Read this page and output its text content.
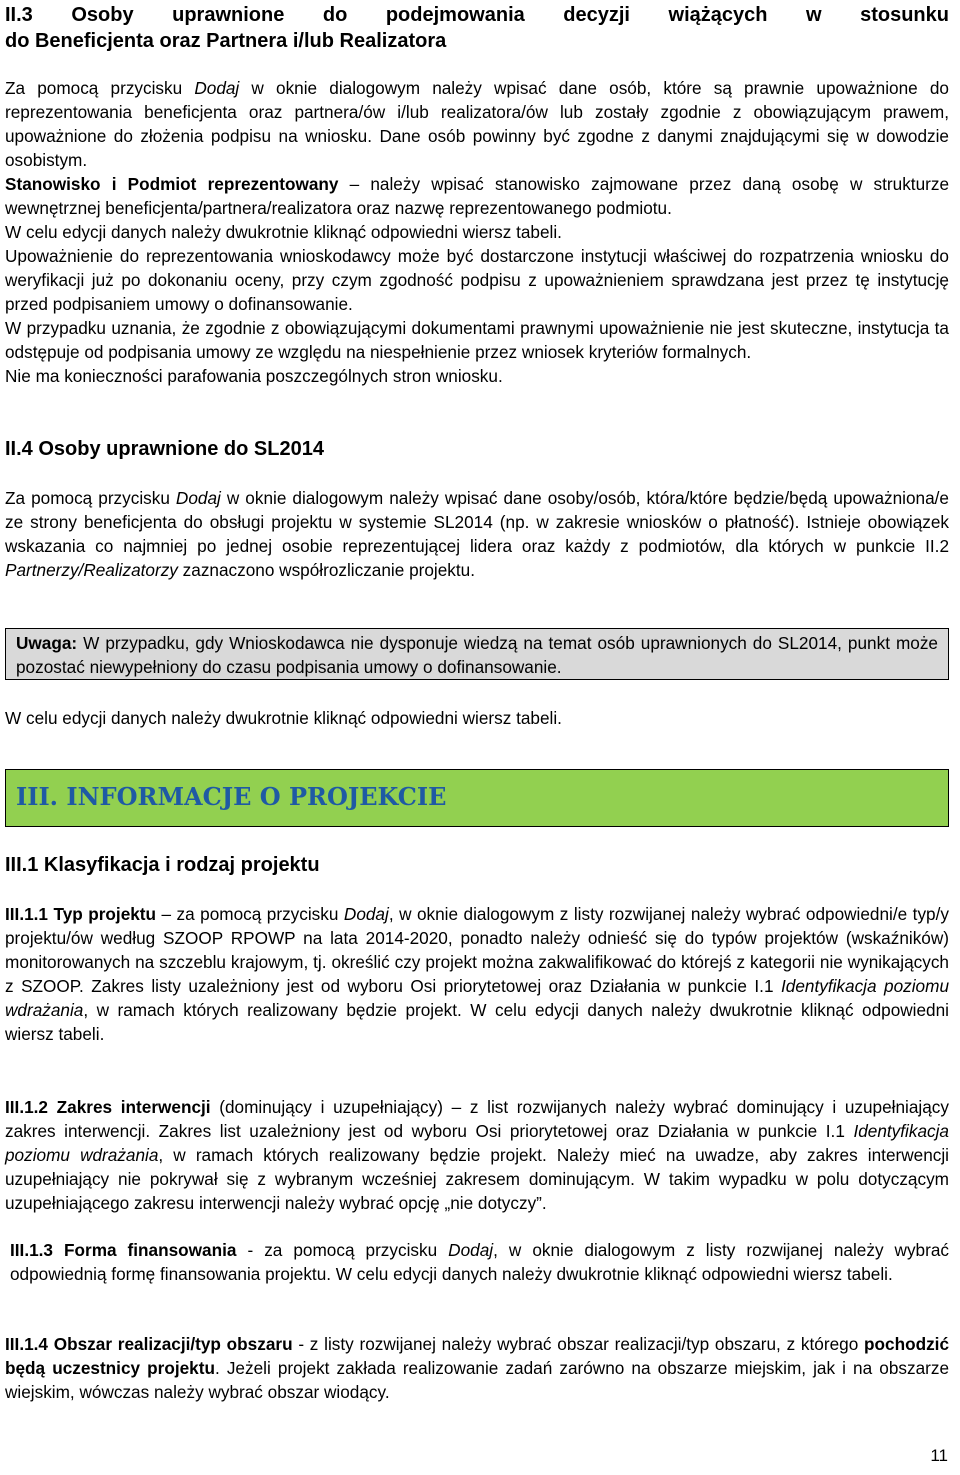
II.3 Osoby uprawnione do podejmowania decyzji wiążących w stosunku
do Beneficjenta oraz Partnera i/lub Realizatora

Za pomocą przycisku Dodaj w oknie dialogowym należy wpisać dane osób, które są prawnie upoważnione do reprezentowania beneficjenta oraz partnera/ów i/lub realizatora/ów lub zostały zgodnie z obowiązującym prawem, upoważnione do złożenia podpisu na wniosku. Dane osób powinny być zgodne z danymi znajdującymi się w dowodzie osobistym.

Stanowisko i Podmiot reprezentowany – należy wpisać stanowisko zajmowane przez daną osobę w strukturze wewnętrznej beneficjenta/partnera/realizatora oraz nazwę reprezentowanego podmiotu.

W celu edycji danych należy dwukrotnie kliknąć odpowiedni wiersz tabeli.

Upoważnienie do reprezentowania wnioskodawcy może być dostarczone instytucji właściwej do rozpatrzenia wniosku do weryfikacji już po dokonaniu oceny, przy czym zgodność podpisu z upoważnieniem sprawdzana jest przez tę instytucję przed podpisaniem umowy o dofinansowanie.

W przypadku uznania, że zgodnie z obowiązującymi dokumentami prawnymi upoważnienie nie jest skuteczne, instytucja ta odstępuje od podpisania umowy ze względu na niespełnienie przez wniosek kryteriów formalnych.

Nie ma konieczności parafowania poszczególnych stron wniosku.

II.4 Osoby uprawnione do SL2014

Za pomocą przycisku Dodaj w oknie dialogowym należy wpisać dane osoby/osób, która/które będzie/będą upoważniona/e ze strony beneficjenta do obsługi projektu w systemie SL2014 (np. w zakresie wniosków o płatność). Istnieje obowiązek wskazania co najmniej po jednej osobie reprezentującej lidera oraz każdy z podmiotów, dla których w punkcie II.2 Partnerzy/Realizatorzy zaznaczono współrozliczanie projektu.

Uwaga: W przypadku, gdy Wnioskodawca nie dysponuje wiedzą na temat osób uprawnionych do SL2014, punkt może pozostać niewypełniony do czasu podpisania umowy o dofinansowanie.

W celu edycji danych należy dwukrotnie kliknąć odpowiedni wiersz tabeli.

III. INFORMACJE O PROJEKCIE
III.1 Klasyfikacja i rodzaj projektu

III.1.1 Typ projektu – za pomocą przycisku Dodaj, w oknie dialogowym z listy rozwijanej należy wybrać odpowiedni/e typ/y projektu/ów według SZOOP RPOWP na lata 2014-2020, ponadto należy odnieść się do typów projektów (wskaźników) monitorowanych na szczeblu krajowym, tj. określić czy projekt można zakwalifikować do którejś z kategorii nie wynikających z SZOOP. Zakres listy uzależniony jest od wyboru Osi priorytetowej oraz Działania w punkcie I.1 Identyfikacja poziomu wdrażania, w ramach których realizowany będzie projekt. W celu edycji danych należy dwukrotnie kliknąć odpowiedni wiersz tabeli.

III.1.2 Zakres interwencji (dominujący i uzupełniający) – z list rozwijanych należy wybrać dominujący i uzupełniający zakres interwencji. Zakres list uzależniony jest od wyboru Osi priorytetowej oraz Działania w punkcie I.1 Identyfikacja poziomu wdrażania, w ramach których realizowany będzie projekt. Należy mieć na uwadze, aby zakres interwencji uzupełniający nie pokrywał się z wybranym wcześniej zakresem dominującym. W takim wypadku w polu dotyczącym uzupełniającego zakresu interwencji należy wybrać opcję „nie dotyczy”.

III.1.3 Forma finansowania - za pomocą przycisku Dodaj, w oknie dialogowym z listy rozwijanej należy wybrać odpowiednią formę finansowania projektu. W celu edycji danych należy dwukrotnie kliknąć odpowiedni wiersz tabeli.

III.1.4 Obszar realizacji/typ obszaru - z listy rozwijanej należy wybrać obszar realizacji/typ obszaru, z którego pochodzić będą uczestnicy projektu. Jeżeli projekt zakłada realizowanie zadań zarówno na obszarze miejskim, jak i na obszarze wiejskim, wówczas należy wybrać obszar wiodący.

11
